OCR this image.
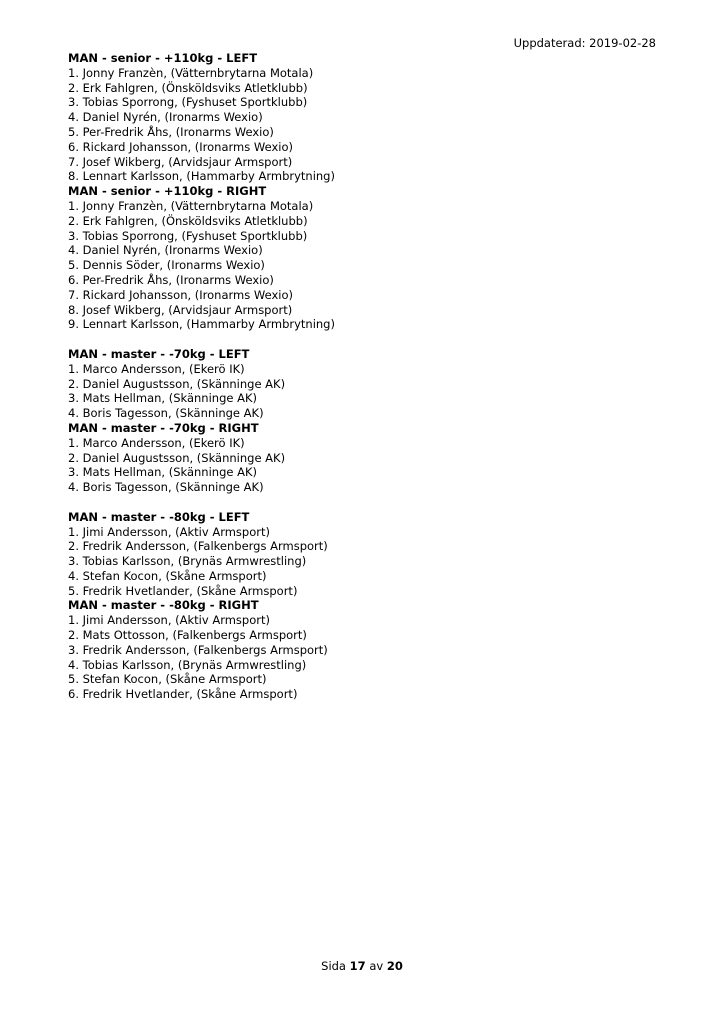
Uppdaterad: 2019-02-28
MAN - senior - +110kg - LEFT
1. Jonny Franzèn, (Vätternbrytarna Motala)
2. Erk Fahlgren, (Önsköldsviks Atletklubb)
3. Tobias Sporrong, (Fyshuset Sportklubb)
4. Daniel Nyrén, (Ironarms Wexio)
5. Per-Fredrik Åhs, (Ironarms Wexio)
6. Rickard Johansson, (Ironarms Wexio)
7. Josef Wikberg, (Arvidsjaur Armsport)
8. Lennart Karlsson, (Hammarby Armbrytning)
MAN - senior - +110kg - RIGHT
1. Jonny Franzèn, (Vätternbrytarna Motala)
2. Erk Fahlgren, (Önsköldsviks Atletklubb)
3. Tobias Sporrong, (Fyshuset Sportklubb)
4. Daniel Nyrén, (Ironarms Wexio)
5. Dennis Söder, (Ironarms Wexio)
6. Per-Fredrik Åhs, (Ironarms Wexio)
7. Rickard Johansson, (Ironarms Wexio)
8. Josef Wikberg, (Arvidsjaur Armsport)
9. Lennart Karlsson, (Hammarby Armbrytning)
MAN - master - -70kg - LEFT
1. Marco Andersson, (Ekerö IK)
2. Daniel Augustsson, (Skänninge AK)
3. Mats Hellman, (Skänninge AK)
4. Boris Tagesson, (Skänninge AK)
MAN - master - -70kg - RIGHT
1. Marco Andersson, (Ekerö IK)
2. Daniel Augustsson, (Skänninge AK)
3. Mats Hellman, (Skänninge AK)
4. Boris Tagesson, (Skänninge AK)
MAN - master - -80kg - LEFT
1. Jimi Andersson, (Aktiv Armsport)
2. Fredrik Andersson, (Falkenbergs Armsport)
3. Tobias Karlsson, (Brynäs Armwrestling)
4. Stefan Kocon, (Skåne Armsport)
5. Fredrik Hvetlander, (Skåne Armsport)
MAN - master - -80kg - RIGHT
1. Jimi Andersson, (Aktiv Armsport)
2. Mats Ottosson, (Falkenbergs Armsport)
3. Fredrik Andersson, (Falkenbergs Armsport)
4. Tobias Karlsson, (Brynäs Armwrestling)
5. Stefan Kocon, (Skåne Armsport)
6. Fredrik Hvetlander, (Skåne Armsport)
Sida 17 av 20
